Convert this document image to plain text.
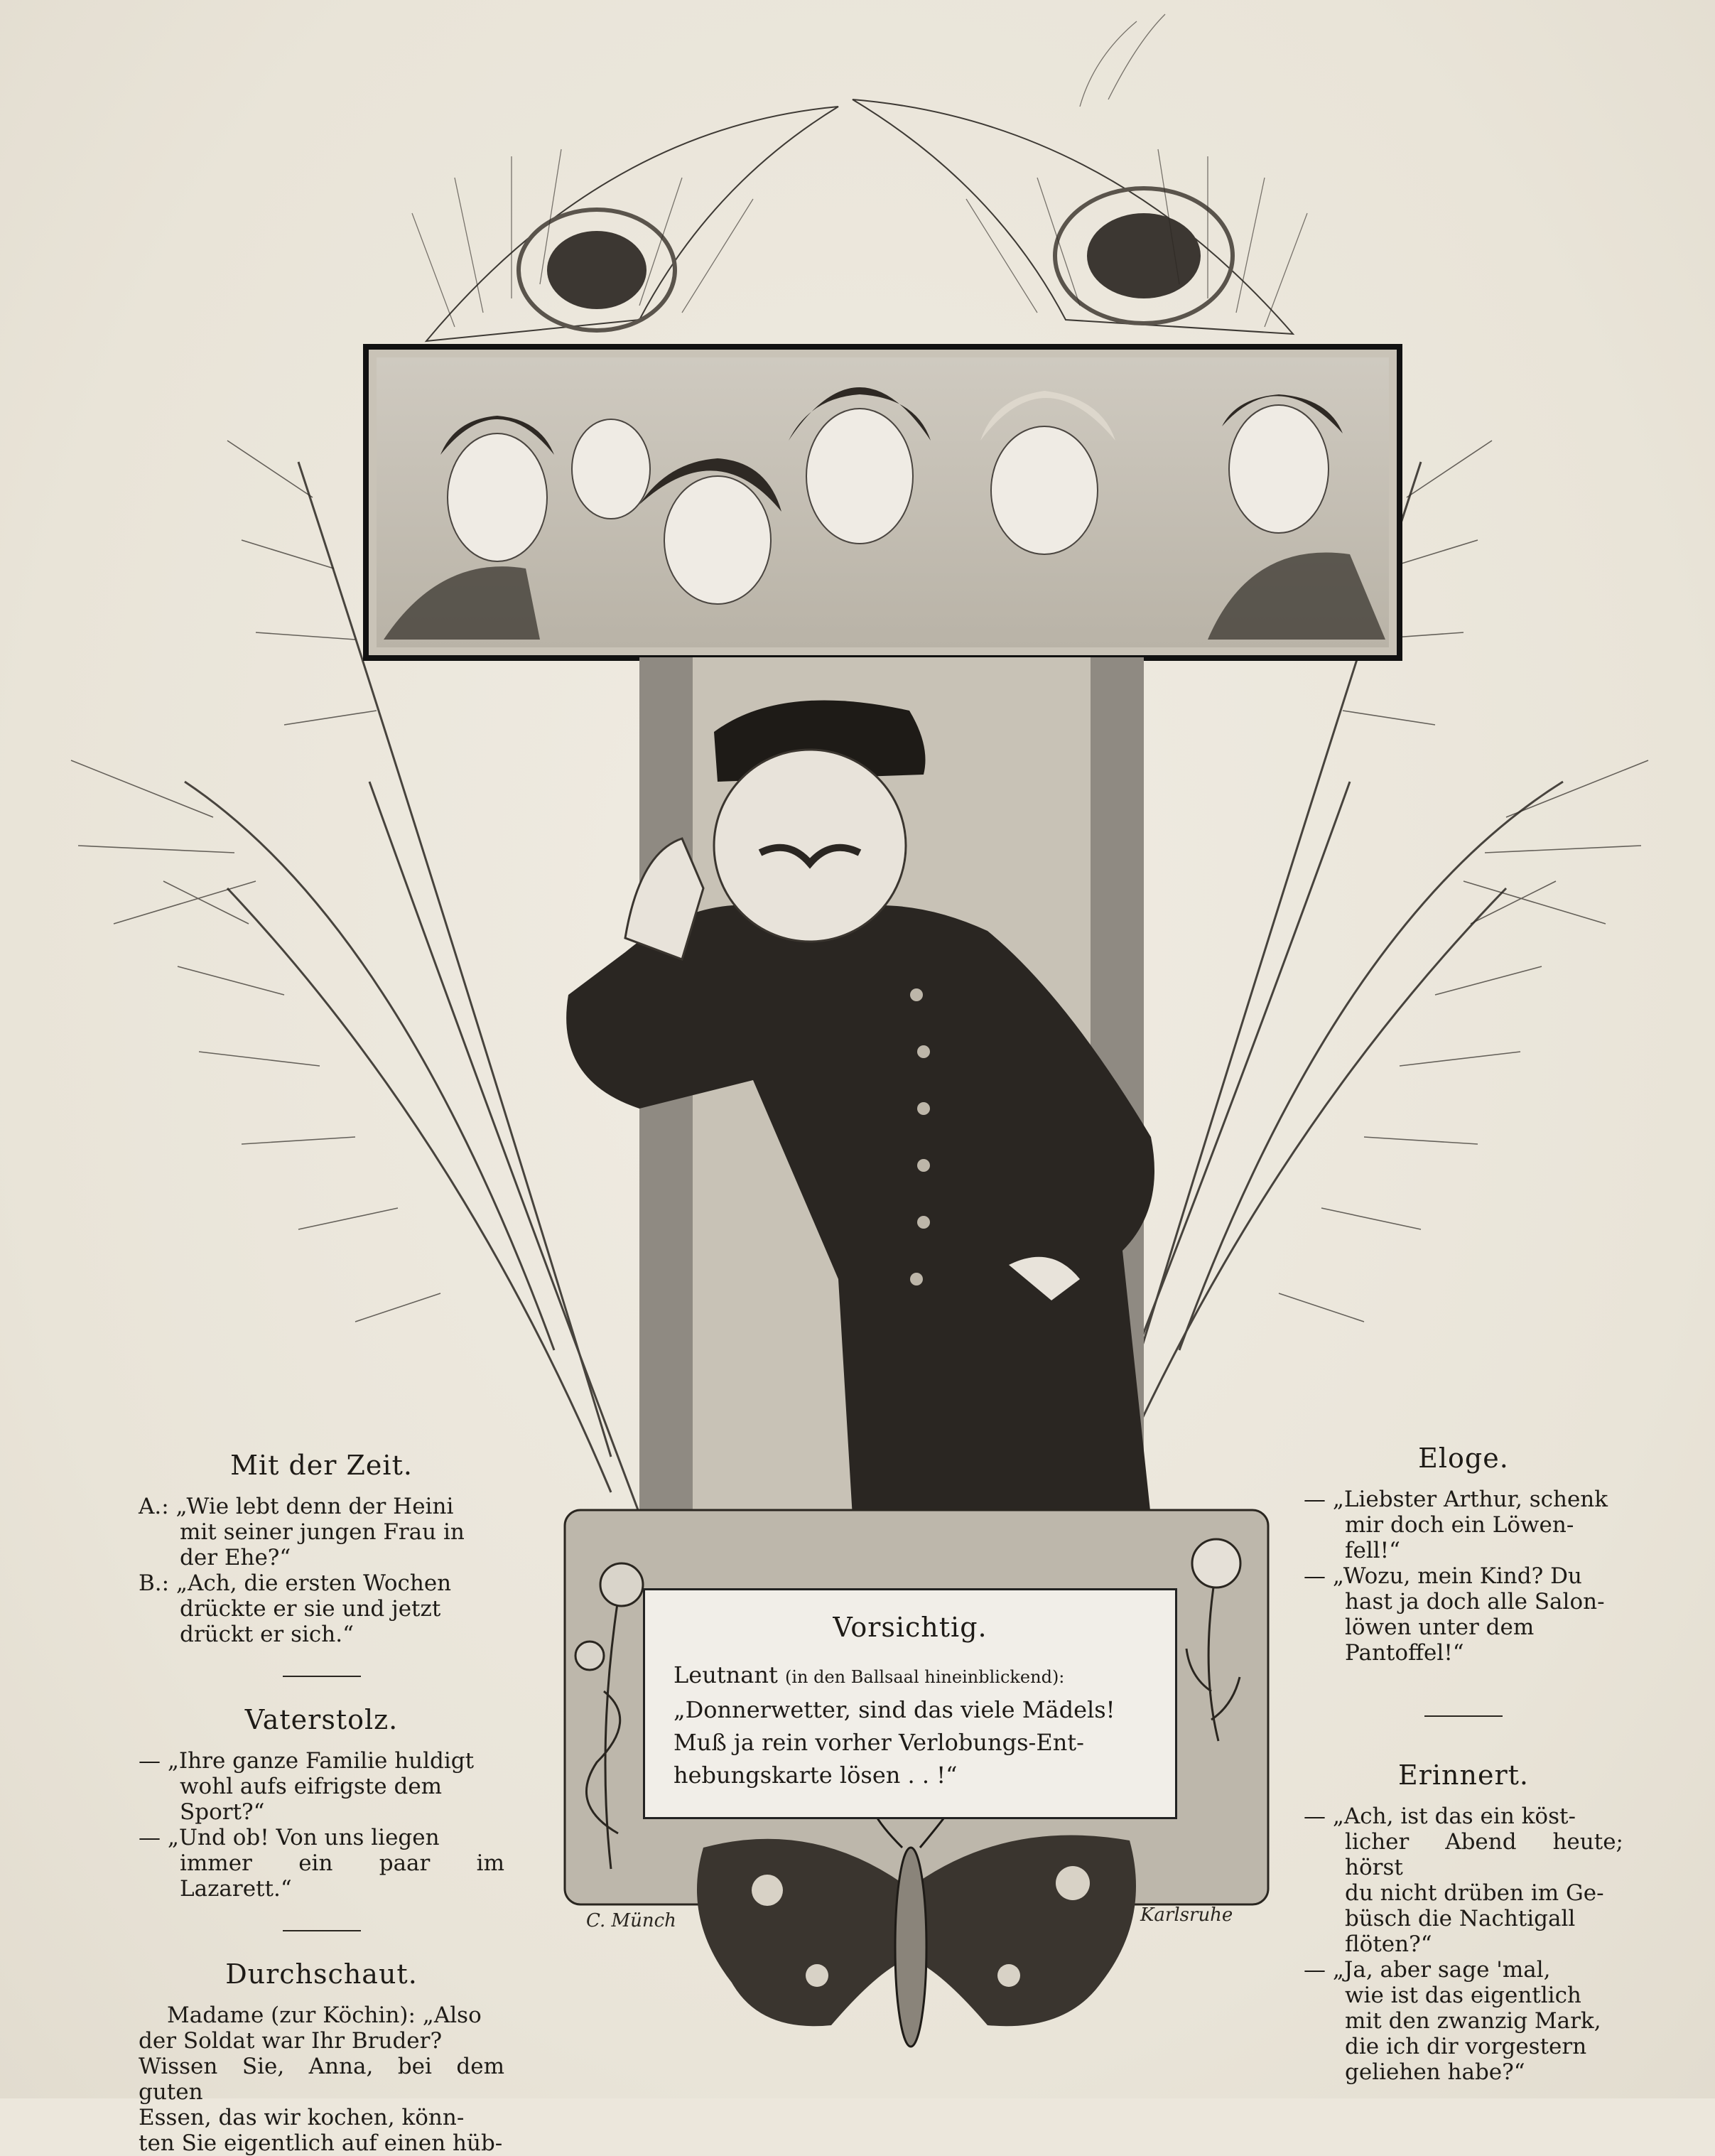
Vorsichtig.

Leutnant (in den Ballsaal hineinblickend):

„Donnerwetter, sind das viele Mädels!

Muß ja rein vorher Verlobungs-Ent-

hebungskarte lösen . . !“

C. Münch	Karlsruhe
Mit der Zeit.

A.: „Wie lebt denn der Heini

mit seiner jungen Frau in

der Ehe?“

B.: „Ach, die ersten Wochen

drückte er sie und jetzt

drückt er sich.“

Vaterstolz.

— „Ihre ganze Familie huldigt

wohl aufs eifrigste dem

Sport?“

— „Und ob! Von uns liegen

immer ein paar im Lazarett.“

Durchschaut.

Madame (zur Köchin): „Also

der Soldat war Ihr Bruder?

Wissen Sie, Anna, bei dem guten

Essen, das wir kochen, könn-

ten Sie eigentlich auf einen hüb-

Eloge.

— „Liebster Arthur, schenk

mir doch ein Löwen-

fell!“

— „Wozu, mein Kind? Du

hast ja doch alle Salon-

löwen unter dem

Pantoffel!“

Erinnert.

— „Ach, ist das ein köst-

licher Abend heute; hörst

du nicht drüben im Ge-

büsch die Nachtigall

flöten?“

— „Ja, aber sage 'mal,

wie ist das eigentlich

mit den zwanzig Mark,

die ich dir vorgestern

geliehen habe?“
